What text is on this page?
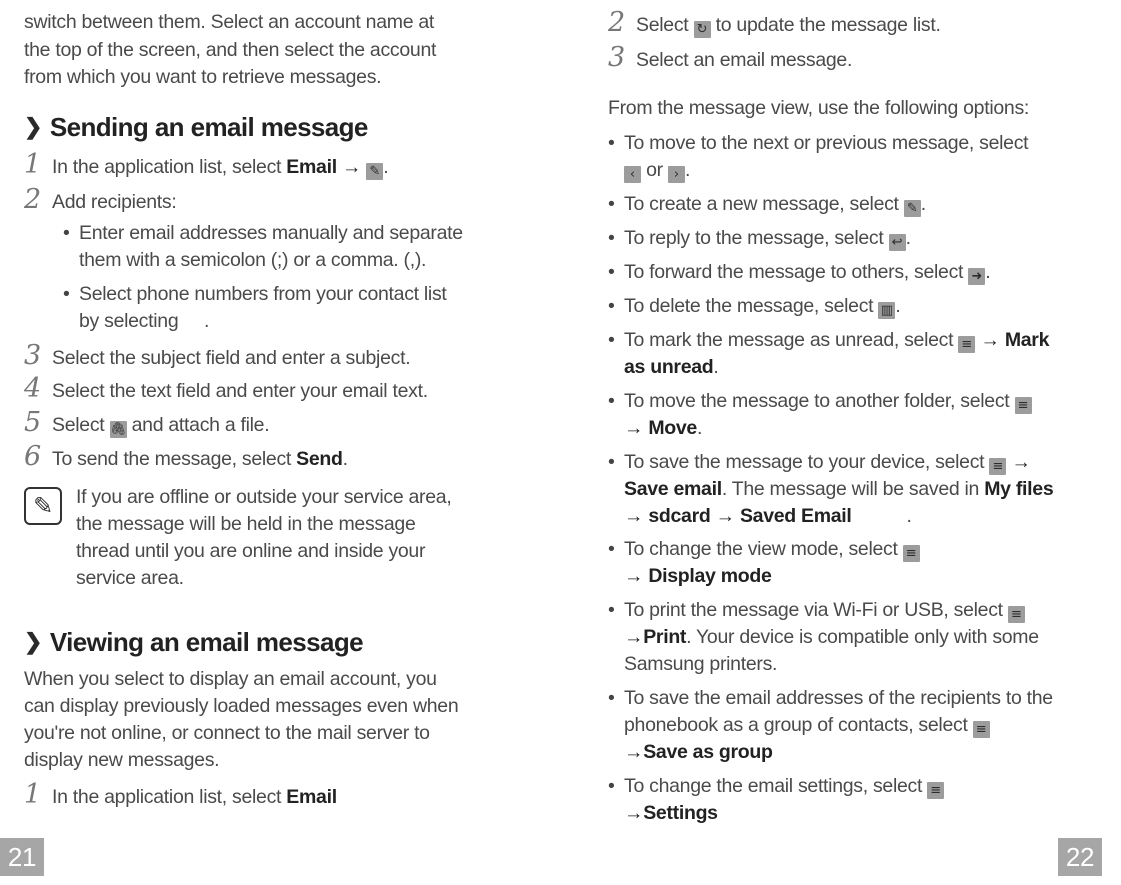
switch between them. Select an account name at
the top of the screen, and then select the account
from which you want to retrieve messages.
❯ Sending an email message
1 In the application list, select Email → ✎ .
2 Add recipients:
• Enter email addresses manually and separate
them with a semicolon (;) or a comma. (,).
• Select phone numbers from your contact list
by selecting     .
3 Select the subject field and enter a subject.
4 Select the text field and enter your email text.
5 Select 🖇 and attach a file.
6 To send the message, select Send.
✎	If you are offline or outside your service area,
the message will be held in the message
thread until you are online and inside your
service area.
❯ Viewing an email message
When you select to display an email account, you
can display previously loaded messages even when
you're not online, or connect to the mail server to
display new messages.
1 In the application list, select Email
21
2 Select ↻ to update the message list.
3 Select an email message.
From the message view, use the following options:
• To move to the next or previous message, select
‹ or › .
• To create a new message, select ✎ .
• To reply to the message, select ↩ .
• To forward the message to others, select ➜ .
• To delete the message, select ▥ .
• To mark the message as unread, select ≡ → Mark
as unread.
• To move the message to another folder, select ≡
→ Move.
• To save the message to your device, select ≡ →
Save email. The message will be saved in My files
→ sdcard → Saved Email	.
• To change the view mode, select ≡
→ Display mode
• To print the message via Wi-Fi or USB, select ≡
→Print. Your device is compatible only with some
Samsung printers.
• To save the email addresses of the recipients to the
phonebook as a group of contacts, select ≡
→Save as group
• To change the email settings, select ≡
→Settings
22
